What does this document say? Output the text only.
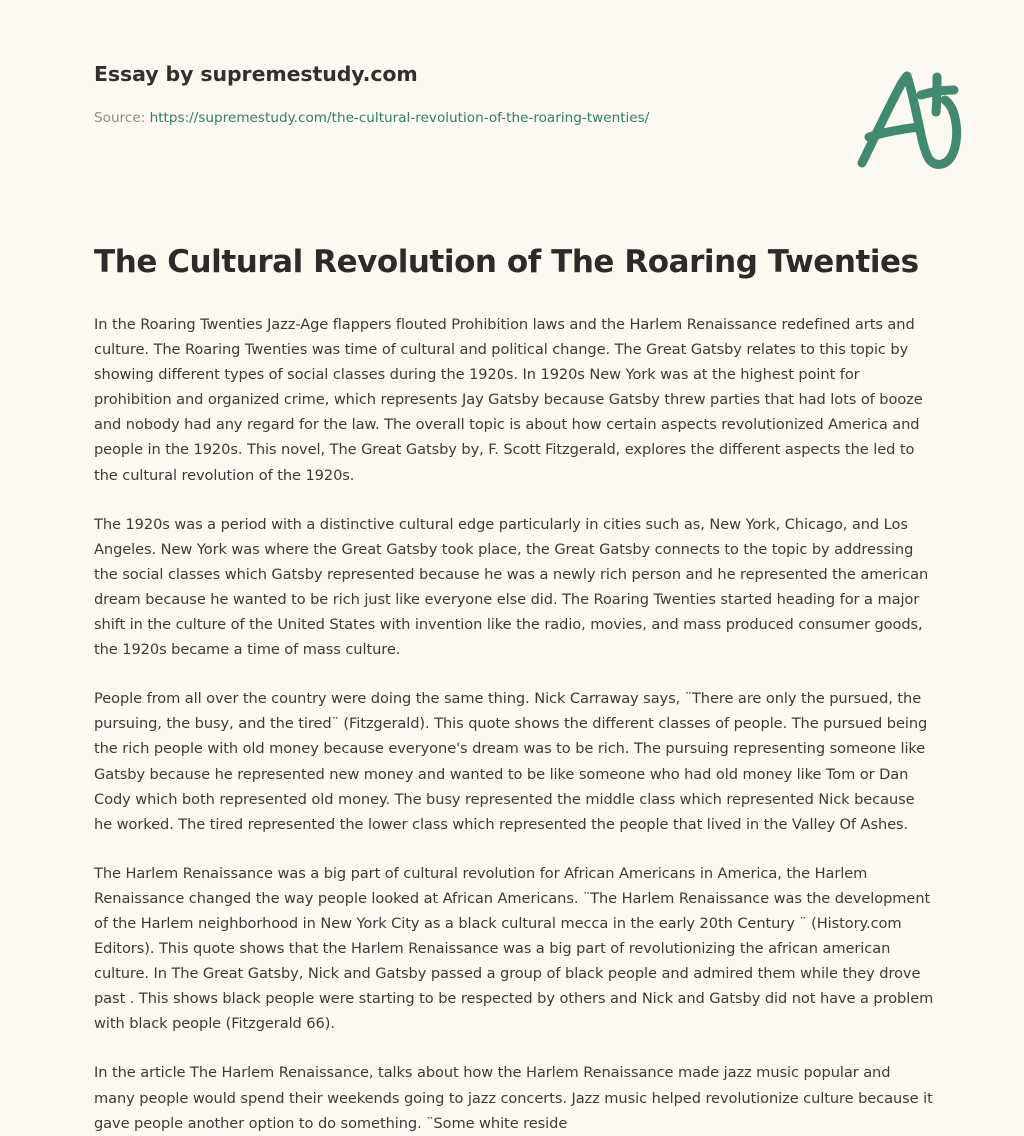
Essay by supremestudy.com
Source: https://supremestudy.com/the-cultural-revolution-of-the-roaring-twenties/
The Cultural Revolution of The Roaring Twenties

In the Roaring Twenties Jazz-Age flappers flouted Prohibition laws and the Harlem Renaissance redefined arts and culture. The Roaring Twenties was time of cultural and political change. The Great Gatsby relates to this topic by showing different types of social classes during the 1920s. In 1920s New York was at the highest point for prohibition and organized crime, which represents Jay Gatsby because Gatsby threw parties that had lots of booze and nobody had any regard for the law. The overall topic is about how certain aspects revolutionized America and people in the 1920s. This novel, The Great Gatsby by, F. Scott Fitzgerald, explores the different aspects the led to the cultural revolution of the 1920s.

The 1920s was a period with a distinctive cultural edge particularly in cities such as, New York, Chicago, and Los Angeles. New York was where the Great Gatsby took place, the Great Gatsby connects to the topic by addressing the social classes which Gatsby represented because he was a newly rich person and he represented the american dream because he wanted to be rich just like everyone else did. The Roaring Twenties started heading for a major shift in the culture of the United States with invention like the radio, movies, and mass produced consumer goods, the 1920s became a time of mass culture.

People from all over the country were doing the same thing. Nick Carraway says, ¨There are only the pursued, the pursuing, the busy, and the tired¨ (Fitzgerald). This quote shows the different classes of people. The pursued being the rich people with old money because everyone's dream was to be rich. The pursuing representing someone like Gatsby because he represented new money and wanted to be like someone who had old money like Tom or Dan Cody which both represented old money. The busy represented the middle class which represented Nick because he worked. The tired represented the lower class which represented the people that lived in the Valley Of Ashes.

The Harlem Renaissance was a big part of cultural revolution for African Americans in America, the Harlem Renaissance changed the way people looked at African Americans. ¨The Harlem Renaissance was the development of the Harlem neighborhood in New York City as a black cultural mecca in the early 20th Century ¨ (History.com Editors). This quote shows that the Harlem Renaissance was a big part of revolutionizing the african american culture. In The Great Gatsby, Nick and Gatsby passed a group of black people and admired them while they drove past . This shows black people were starting to be respected by others and Nick and Gatsby did not have a problem with black people (Fitzgerald 66).

In the article The Harlem Renaissance, talks about how the Harlem Renaissance made jazz music popular and many people would spend their weekends going to jazz concerts. Jazz music helped revolutionize culture because it gave people another option to do something. ¨Some white reside
